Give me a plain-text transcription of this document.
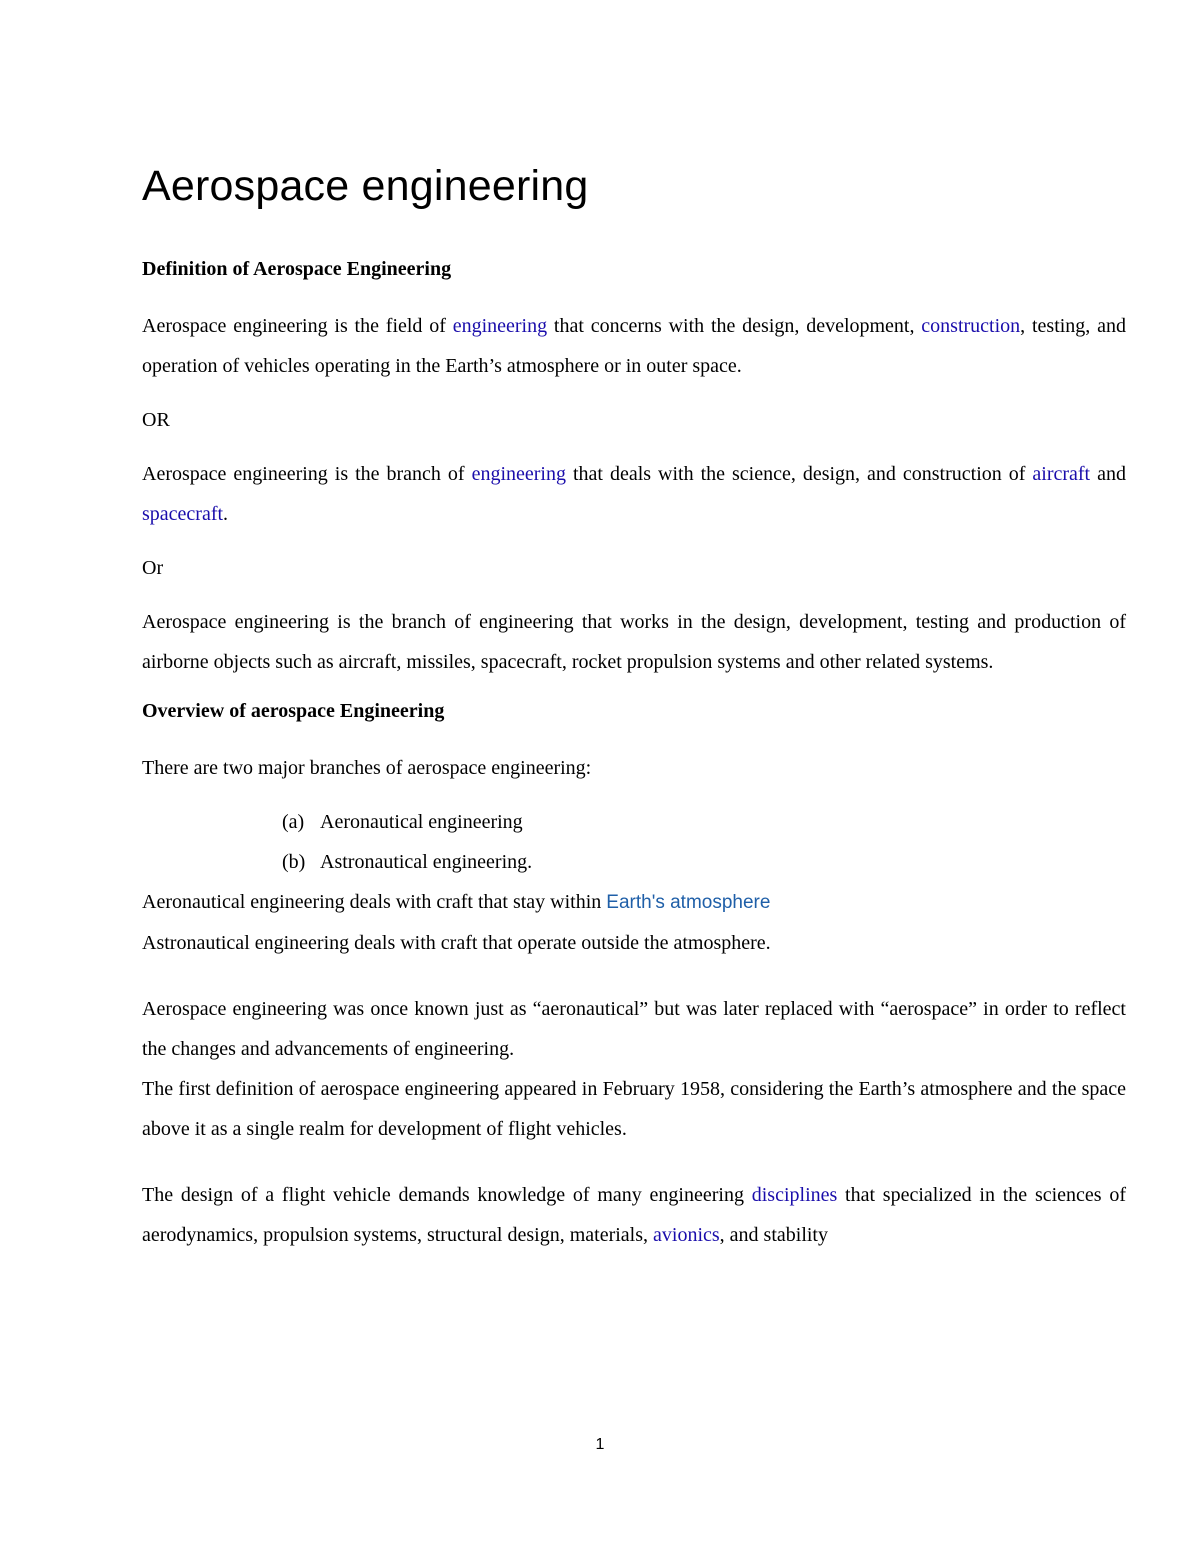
Aerospace engineering
Definition of Aerospace Engineering

Aerospace engineering is the field of engineering that concerns with the design, development, construction, testing, and operation of vehicles operating in the Earth’s atmosphere or in outer space.

OR

Aerospace engineering is the branch of engineering that deals with the science, design, and construction of aircraft and spacecraft.

Or

Aerospace engineering is the branch of engineering that works in the design, development, testing and production of airborne objects such as aircraft, missiles, spacecraft, rocket propulsion systems and other related systems.

Overview of aerospace Engineering

There are two major branches of aerospace engineering:

(a) Aeronautical engineering
(b) Astronautical engineering.

Aeronautical engineering deals with craft that stay within Earth's atmosphere

Astronautical engineering deals with craft that operate outside the atmosphere.

Aerospace engineering was once known just as “aeronautical” but was later replaced with “aerospace” in order to reflect the changes and advancements of engineering.

The first definition of aerospace engineering appeared in February 1958, considering the Earth’s atmosphere and the space above it as a single realm for development of flight vehicles.

The design of a flight vehicle demands knowledge of many engineering disciplines that specialized in the sciences of aerodynamics, propulsion systems, structural design, materials, avionics, and stability

1
